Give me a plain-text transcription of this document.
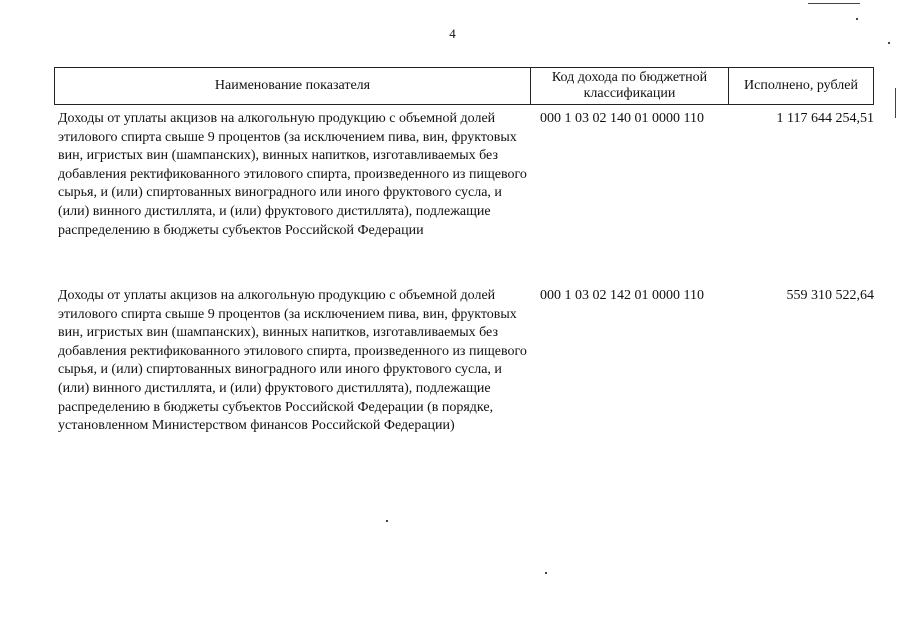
4
Наименование показателя
Код дохода по бюджетной классификации
Исполнено, рублей
Доходы от уплаты акцизов на алкогольную продукцию с объемной долей этилового спирта свыше 9 процентов (за исключением пива, вин, фруктовых вин, игристых вин (шампанских), винных напитков, изготавливаемых без добавления ректификованного этилового спирта, произведенного из пищевого сырья, и (или) спиртованных виноградного или иного фруктового сусла, и (или) винного дистиллята, и (или) фруктового дистиллята), подлежащие распределению в бюджеты субъектов Российской Федерации
000 1 03 02 140 01 0000 110	1 117 644 254,51
Доходы от уплаты акцизов на алкогольную продукцию с объемной долей этилового спирта свыше 9 процентов (за исключением пива, вин, фруктовых вин, игристых вин (шампанских), винных напитков, изготавливаемых без добавления ректификованного этилового спирта, произведенного из пищевого сырья, и (или) спиртованных виноградного или иного фруктового сусла, и (или) винного дистиллята, и (или) фруктового дистиллята), подлежащие распределению в бюджеты субъектов Российской Федерации (в порядке, установленном Министерством финансов Российской Федерации)
000 1 03 02 142 01 0000 110	559 310 522,64
